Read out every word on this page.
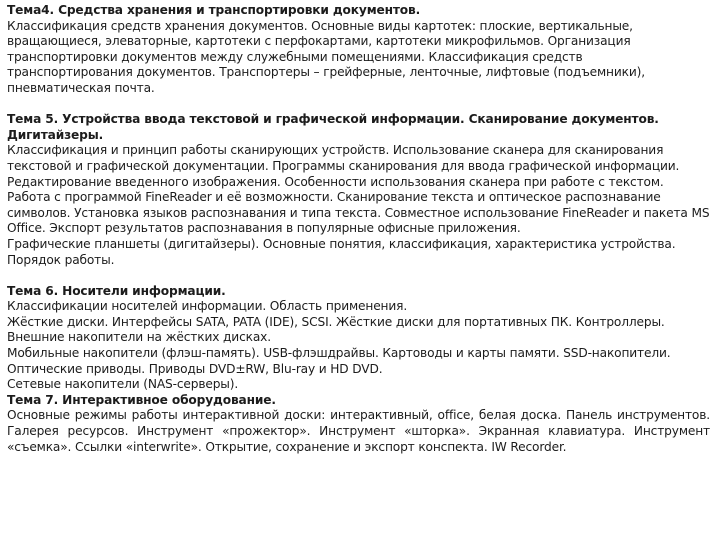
Тема4. Средства хранения и транспортировки документов.
Классификация средств хранения документов. Основные виды картотек: плоские, вертикальные, вращающиеся, элеваторные, картотеки с перфокартами, картотеки микрофильмов. Организация транспортировки документов между служебными помещениями. Классификация средств транспортирования документов. Транспортеры – грейферные, ленточные, лифтовые (подъемники), пневматическая почта.
Тема 5. Устройства ввода текстовой и графической информации. Сканирование документов. Дигитайзеры.
Классификация и принцип работы сканирующих устройств. Использование сканера для сканирования текстовой и графической документации. Программы сканирования для ввода графической информации. Редактирование введенного изображения. Особенности использования сканера при работе с текстом. Работа с программой FineReader и её возможности. Сканирование текста и оптическое распознавание символов. Установка языков распознавания и типа текста. Совместное использование FineReader и пакета MS Office. Экспорт результатов распознавания в популярные офисные приложения.
Графические планшеты (дигитайзеры). Основные понятия, классификация, характеристика устройства. Порядок работы.
Тема 6. Носители информации.
Классификации носителей информации. Область применения.
Жёсткие диски. Интерфейсы SATA, PATA (IDE), SCSI. Жёсткие диски для портативных ПК. Контроллеры. Внешние накопители на жёстких дисках.
Мобильные накопители (флэш-память). USB-флэшдрайвы. Картоводы и карты памяти. SSD-накопители. Оптические приводы. Приводы DVD±RW, Blu-ray и HD DVD.
Сетевые накопители (NAS-серверы).
Тема 7. Интерактивное оборудование.
Основные режимы работы интерактивной доски: интерактивный, office, белая доска. Панель инструментов. Галерея ресурсов. Инструмент «прожектор». Инструмент «шторка». Экранная клавиатура. Инструмент «съемка». Ссылки «interwrite». Открытие, сохранение и экспорт конспекта. IW Recorder.
